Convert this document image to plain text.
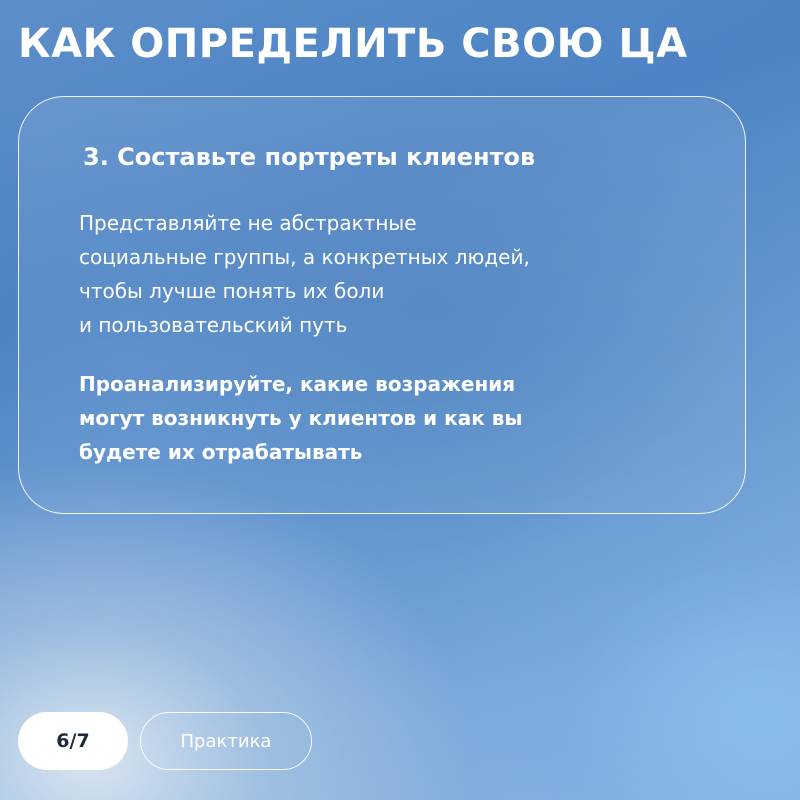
КАК ОПРЕДЕЛИТЬ СВОЮ ЦА
3. Составьте портреты клиентов

Представляйте не абстрактные
социальные группы, а конкретных людей,
чтобы лучше понять их боли
и пользовательский путь

Проанализируйте, какие возражения
могут возникнуть у клиентов и как вы
будете их отрабатывать

6/7	Практика
